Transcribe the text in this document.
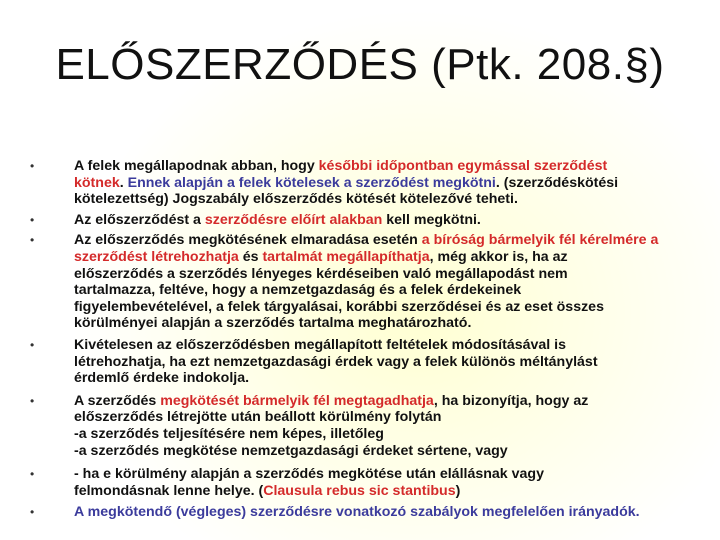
ELŐSZERZŐDÉS (Ptk. 208.§)
•	A felek megállapodnak abban, hogy későbbi időpontban egymással szerződést
kötnek. Ennek alapján a felek kötelesek a szerződést megkötni. (szerződéskötési
kötelezettség) Jogszabály előszerződés kötését kötelezővé teheti.
•	Az előszerződést a szerződésre előírt alakban kell megkötni.
•	Az előszerződés megkötésének elmaradása esetén a bíróság bármelyik fél kérelmére a
szerződést létrehozhatja és tartalmát megállapíthatja, még akkor is, ha az
előszerződés a szerződés lényeges kérdéseiben való megállapodást nem
tartalmazza, feltéve, hogy a nemzetgazdaság és a felek érdekeinek
figyelembevételével, a felek tárgyalásai, korábbi szerződései és az eset összes
körülményei alapján a szerződés tartalma meghatározható.
•	Kivételesen az előszerződésben megállapított feltételek módosításával is
létrehozhatja, ha ezt nemzetgazdasági érdek vagy a felek különös méltánylást
érdemlő érdeke indokolja.
•	A szerződés megkötését bármelyik fél megtagadhatja, ha bizonyítja, hogy az
előszerződés létrejötte után beállott körülmény folytán
-a szerződés teljesítésére nem képes, illetőleg
-a szerződés megkötése nemzetgazdasági érdeket sértene, vagy
•	- ha e körülmény alapján a szerződés megkötése után elállásnak vagy
felmondásnak lenne helye. (Clausula rebus sic stantibus)
•	A megkötendő (végleges) szerződésre vonatkozó szabályok megfelelően irányadók.
